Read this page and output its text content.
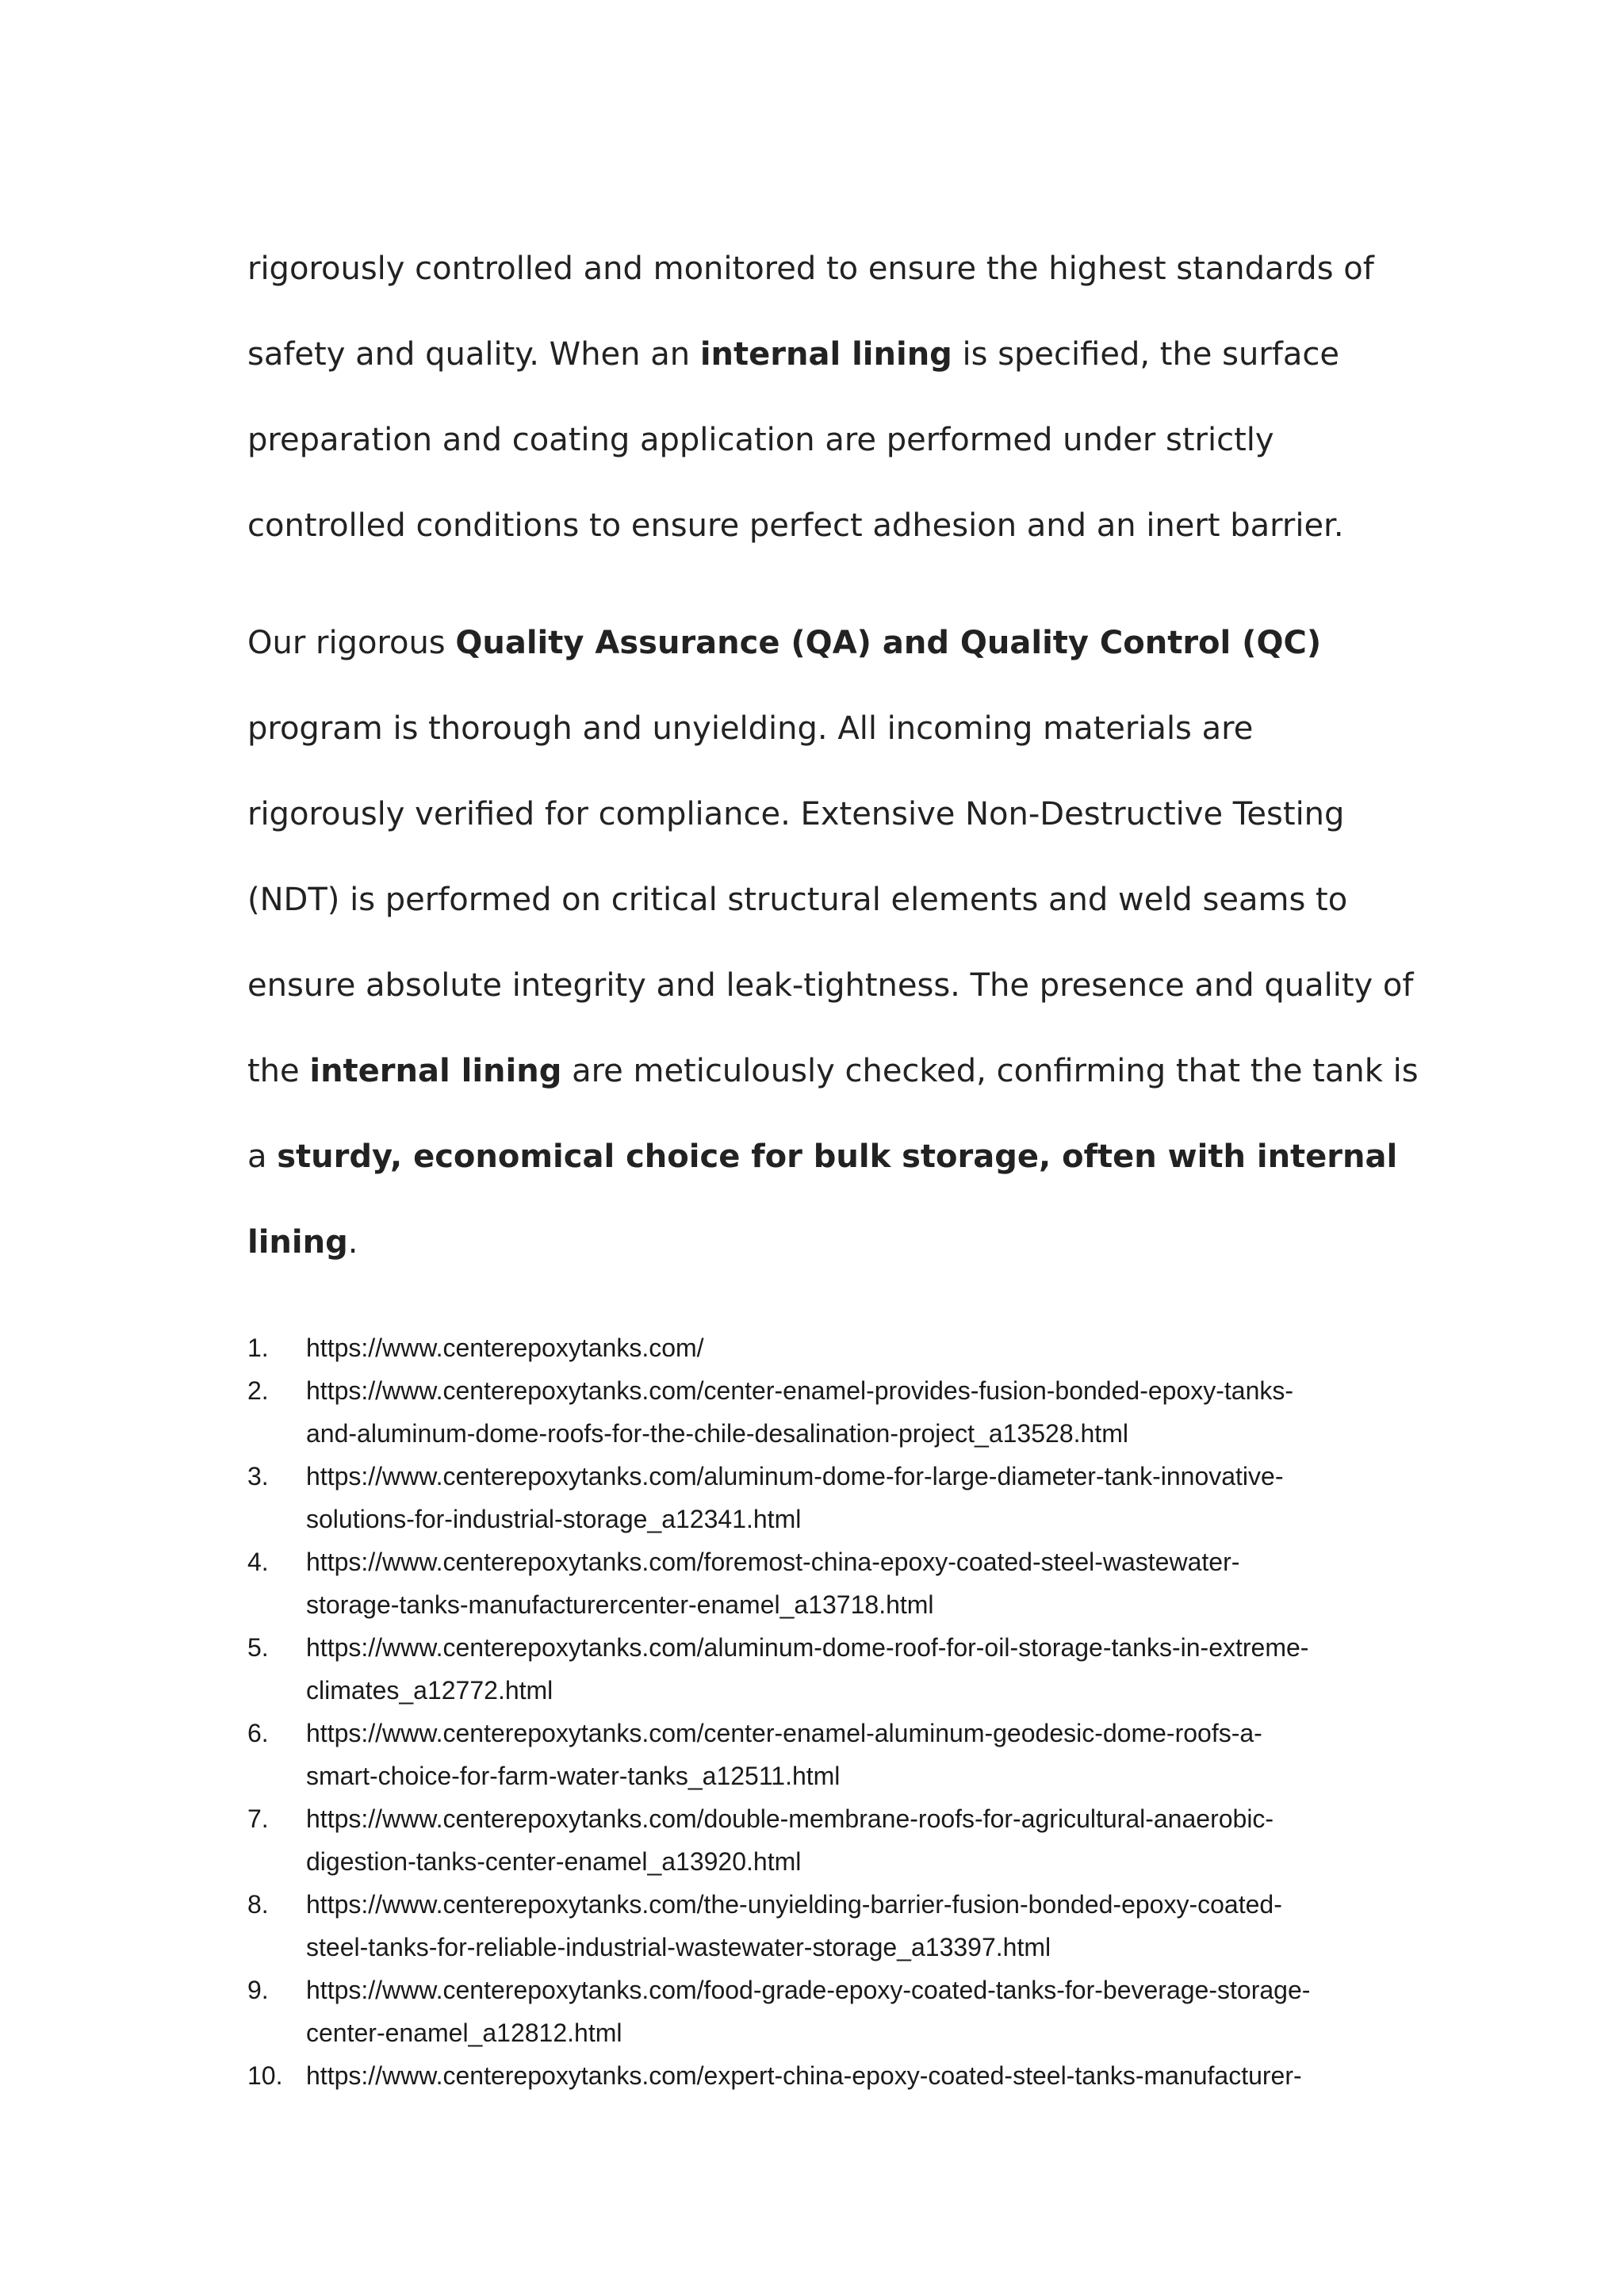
rigorously controlled and monitored to ensure the highest standards of
safety and quality. When an internal lining is specified, the surface
preparation and coating application are performed under strictly
controlled conditions to ensure perfect adhesion and an inert barrier.

Our rigorous Quality Assurance (QA) and Quality Control (QC)
program is thorough and unyielding. All incoming materials are
rigorously verified for compliance. Extensive Non-Destructive Testing
(NDT) is performed on critical structural elements and weld seams to
ensure absolute integrity and leak-tightness. The presence and quality of
the internal lining are meticulously checked, confirming that the tank is
a sturdy, economical choice for bulk storage, often with internal
lining.

1.	https://www.centerepoxytanks.com/
2.	https://www.centerepoxytanks.com/center-enamel-provides-fusion-bonded-epoxy-tanks-
and-aluminum-dome-roofs-for-the-chile-desalination-project_a13528.html
3.	https://www.centerepoxytanks.com/aluminum-dome-for-large-diameter-tank-innovative-
solutions-for-industrial-storage_a12341.html
4.	https://www.centerepoxytanks.com/foremost-china-epoxy-coated-steel-wastewater-
storage-tanks-manufacturercenter-enamel_a13718.html
5.	https://www.centerepoxytanks.com/aluminum-dome-roof-for-oil-storage-tanks-in-extreme-
climates_a12772.html
6.	https://www.centerepoxytanks.com/center-enamel-aluminum-geodesic-dome-roofs-a-
smart-choice-for-farm-water-tanks_a12511.html
7.	https://www.centerepoxytanks.com/double-membrane-roofs-for-agricultural-anaerobic-
digestion-tanks-center-enamel_a13920.html
8.	https://www.centerepoxytanks.com/the-unyielding-barrier-fusion-bonded-epoxy-coated-
steel-tanks-for-reliable-industrial-wastewater-storage_a13397.html
9.	https://www.centerepoxytanks.com/food-grade-epoxy-coated-tanks-for-beverage-storage-
center-enamel_a12812.html
10. https://www.centerepoxytanks.com/expert-china-epoxy-coated-steel-tanks-manufacturer-
